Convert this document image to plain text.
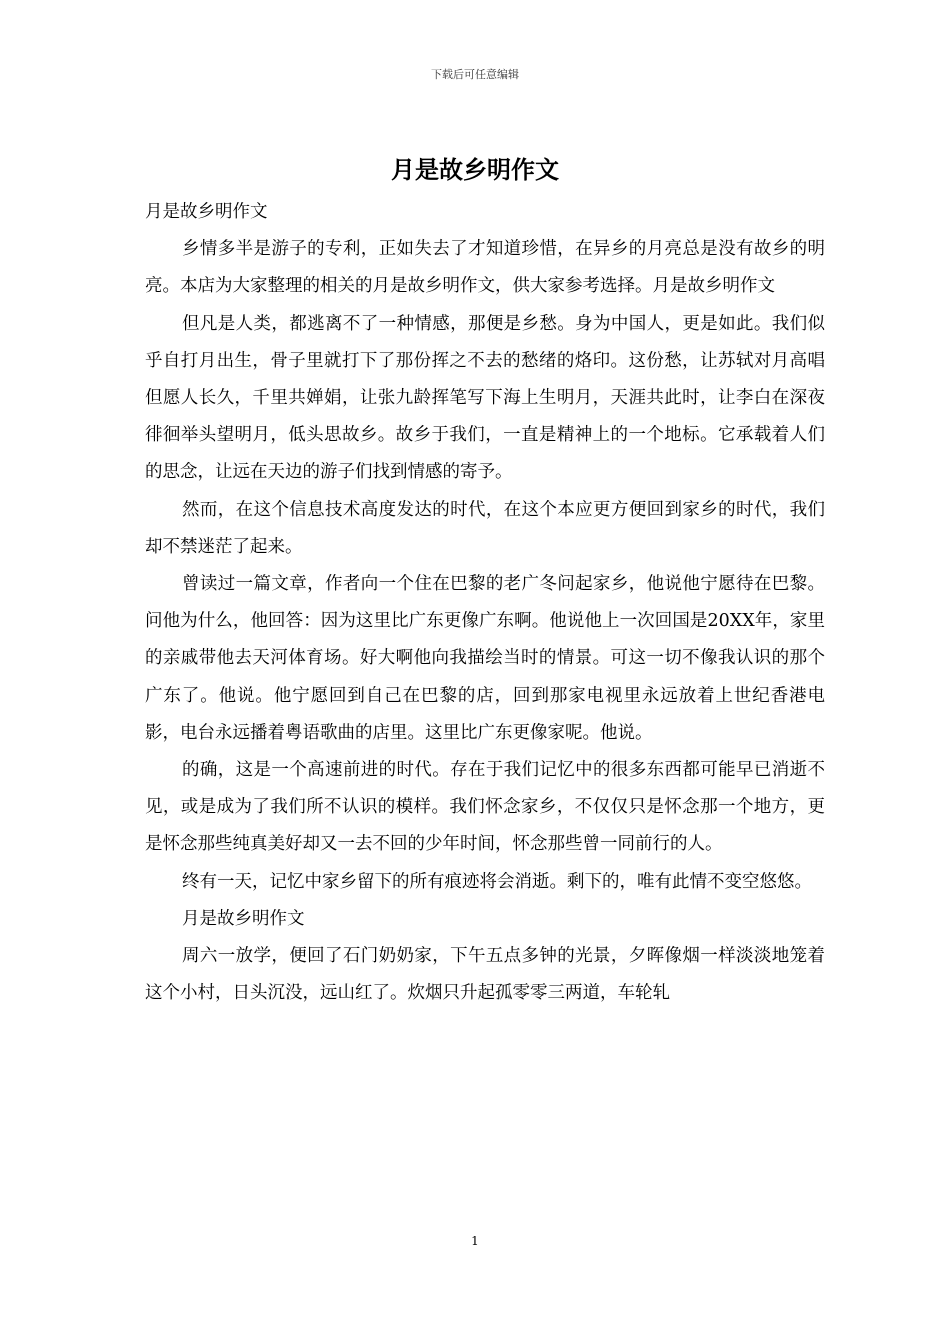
下载后可任意编辑
月是故乡明作文

月是故乡明作文

乡情多半是游子的专利，正如失去了才知道珍惜，在异乡的月亮总是没有故乡的明亮。本店为大家整理的相关的月是故乡明作文，供大家参考选择。月是故乡明作文

但凡是人类，都逃离不了一种情感，那便是乡愁。身为中国人，更是如此。我们似乎自打月出生，骨子里就打下了那份挥之不去的愁绪的烙印。这份愁，让苏轼对月高唱但愿人长久，千里共婵娟，让张九龄挥笔写下海上生明月，天涯共此时，让李白在深夜徘徊举头望明月，低头思故乡。故乡于我们，一直是精神上的一个地标。它承载着人们的思念，让远在天边的游子们找到情感的寄予。

然而，在这个信息技术高度发达的时代，在这个本应更方便回到家乡的时代，我们却不禁迷茫了起来。

曾读过一篇文章，作者向一个住在巴黎的老广冬问起家乡，他说他宁愿待在巴黎。问他为什么，他回答：因为这里比广东更像广东啊。他说他上一次回国是20XX年，家里的亲戚带他去天河体育场。好大啊他向我描绘当时的情景。可这一切不像我认识的那个广东了。他说。他宁愿回到自己在巴黎的店，回到那家电视里永远放着上世纪香港电影，电台永远播着粤语歌曲的店里。这里比广东更像家呢。他说。

的确，这是一个高速前进的时代。存在于我们记忆中的很多东西都可能早已消逝不见，或是成为了我们所不认识的模样。我们怀念家乡，不仅仅只是怀念那一个地方，更是怀念那些纯真美好却又一去不回的少年时间，怀念那些曾一同前行的人。

终有一天，记忆中家乡留下的所有痕迹将会消逝。剩下的，唯有此情不变空悠悠。

月是故乡明作文

周六一放学，便回了石门奶奶家，下午五点多钟的光景，夕晖像烟一样淡淡地笼着这个小村，日头沉没，远山红了。炊烟只升起孤零零三两道，车轮轧

1
